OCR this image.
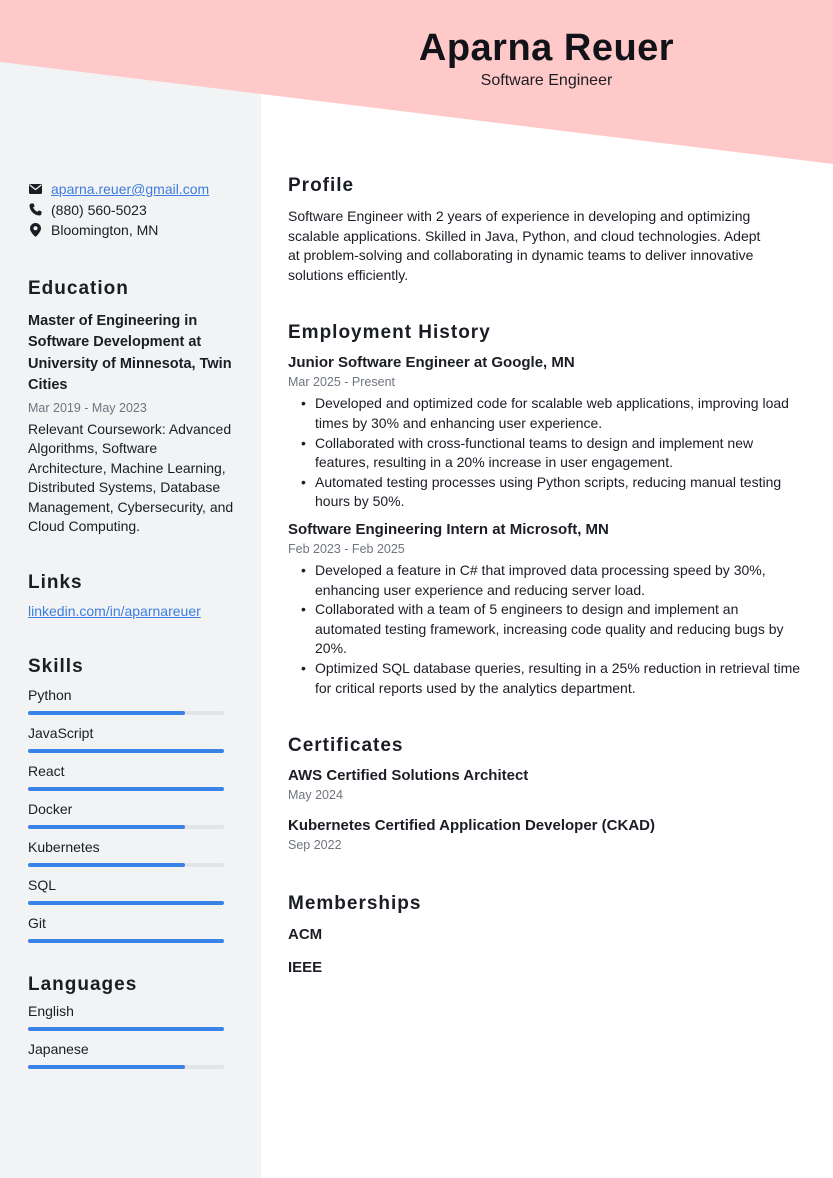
Aparna Reuer
Software Engineer
aparna.reuer@gmail.com
(880) 560-5023
Bloomington, MN
Education
Master of Engineering in Software Development at University of Minnesota, Twin Cities
Mar 2019 - May 2023
Relevant Coursework: Advanced Algorithms, Software Architecture, Machine Learning, Distributed Systems, Database Management, Cybersecurity, and Cloud Computing.
Links
linkedin.com/in/aparnareuer
Skills
Python
JavaScript
React
Docker
Kubernetes
SQL
Git
Languages
English
Japanese
Profile
Software Engineer with 2 years of experience in developing and optimizing scalable applications. Skilled in Java, Python, and cloud technologies. Adept at problem-solving and collaborating in dynamic teams to deliver innovative solutions efficiently.
Employment History
Junior Software Engineer at Google, MN
Mar 2025 - Present
• Developed and optimized code for scalable web applications, improving load times by 30% and enhancing user experience.
• Collaborated with cross-functional teams to design and implement new features, resulting in a 20% increase in user engagement.
• Automated testing processes using Python scripts, reducing manual testing hours by 50%.
Software Engineering Intern at Microsoft, MN
Feb 2023 - Feb 2025
• Developed a feature in C# that improved data processing speed by 30%, enhancing user experience and reducing server load.
• Collaborated with a team of 5 engineers to design and implement an automated testing framework, increasing code quality and reducing bugs by 20%.
• Optimized SQL database queries, resulting in a 25% reduction in retrieval time for critical reports used by the analytics department.
Certificates
AWS Certified Solutions Architect
May 2024
Kubernetes Certified Application Developer (CKAD)
Sep 2022
Memberships
ACM
IEEE
